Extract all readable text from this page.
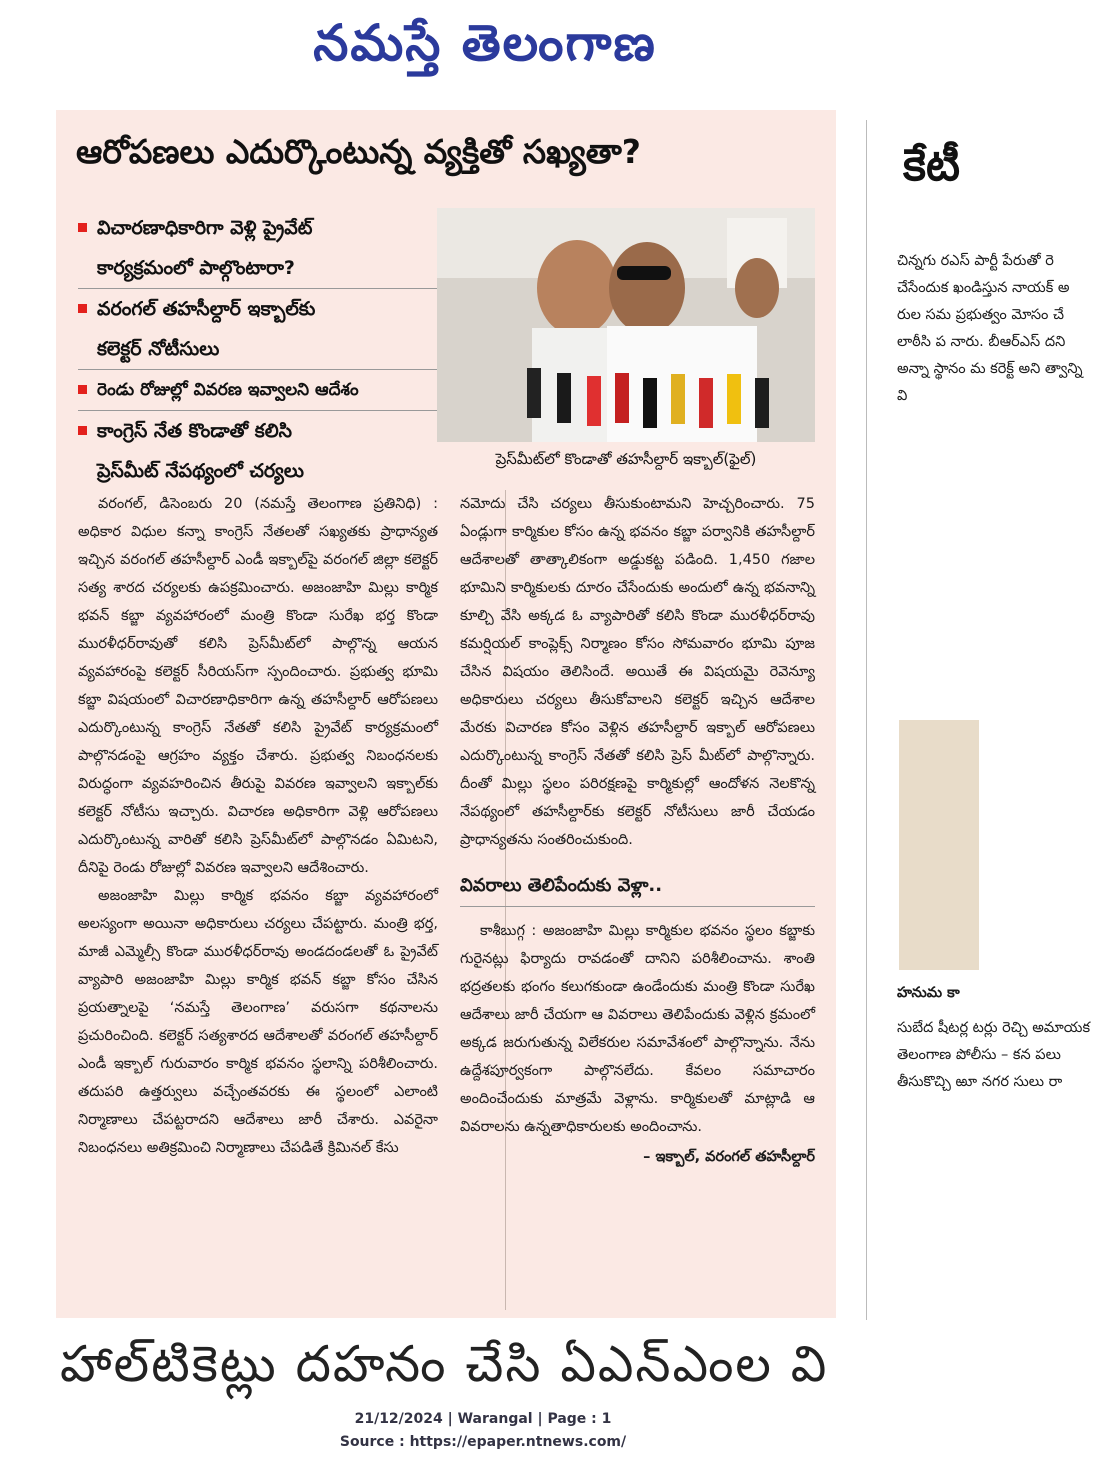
నమస్తే తెలంగాణ
ఆరోపణలు ఎదుర్కొంటున్న వ్యక్తితో సఖ్యతా?
విచారణాధికారిగా వెళ్లి ప్రైవేట్
కార్యక్రమంలో పాల్గొంటారా?
వరంగల్ తహసీల్దార్ ఇక్బాల్‌కు
కలెక్టర్ నోటీసులు
రెండు రోజుల్లో వివరణ ఇవ్వాలని ఆదేశం
కాంగ్రెస్ నేత కొండాతో కలిసి
ప్రెస్‌మీట్ నేపథ్యంలో చర్యలు
ప్రెస్‌మీట్‌లో కొండాతో తహసీల్దార్ ఇక్బాల్(ఫైల్)

వరంగల్, డిసెంబరు 20 (నమస్తే తెలంగాణ ప్రతినిధి) : అధికార విధుల కన్నా కాంగ్రెస్ నేతలతో సఖ్యతకు ప్రాధాన్యత ఇచ్చిన వరంగల్ తహసీల్దార్ ఎండీ ఇక్బాల్‌పై వరంగల్ జిల్లా కలెక్టర్ సత్య శారద చర్యలకు ఉపక్రమించారు. అజంజాహి మిల్లు కార్మిక భవన్ కబ్జా వ్యవహారంలో మంత్రి కొండా సురేఖ భర్త కొండా మురళీధర్‌రావుతో కలిసి ప్రెస్‌మీట్‌లో పాల్గొన్న ఆయన వ్యవహారంపై కలెక్టర్ సీరియస్‌గా స్పందించారు. ప్రభుత్వ భూమి కబ్జా విషయంలో విచారణాధికారిగా ఉన్న తహసీల్దార్ ఆరోపణలు ఎదుర్కొంటున్న కాంగ్రెస్ నేతతో కలిసి ప్రైవేట్ కార్యక్రమంలో పాల్గొనడంపై ఆగ్రహం వ్యక్తం చేశారు. ప్రభుత్వ నిబంధనలకు విరుద్ధంగా వ్యవహరించిన తీరుపై వివరణ ఇవ్వాలని ఇక్బాల్‌కు కలెక్టర్ నోటీసు ఇచ్చారు. విచారణ అధికారిగా వెళ్లి ఆరోపణలు ఎదుర్కొంటున్న వారితో కలిసి ప్రెస్‌మీట్‌లో పాల్గొనడం ఏమిటని, దీనిపై రెండు రోజుల్లో వివరణ ఇవ్వాలని ఆదేశించారు.

అజంజాహి మిల్లు కార్మిక భవనం కబ్జా వ్యవహారంలో అలస్యంగా అయినా అధికారులు చర్యలు చేపట్టారు. మంత్రి భర్త, మాజీ ఎమ్మెల్సీ కొండా మురళీధర్‌రావు అండదండలతో ఓ ప్రైవేట్ వ్యాపారి అజంజాహి మిల్లు కార్మిక భవన్ కబ్జా కోసం చేసిన ప్రయత్నాలపై ‘నమస్తే తెలంగాణ’ వరుసగా కథనాలను ప్రచురించింది. కలెక్టర్ సత్యశారద ఆదేశాలతో వరంగల్ తహసీల్దార్ ఎండీ ఇక్బాల్ గురువారం కార్మిక భవనం స్థలాన్ని పరిశీలించారు. తదుపరి ఉత్తర్వులు వచ్చేంతవరకు ఈ స్థలంలో ఎలాంటి నిర్మాణాలు చేపట్టరాదని ఆదేశాలు జారీ చేశారు. ఎవరైనా నిబంధనలు అతిక్రమించి నిర్మాణాలు చేపడితే క్రిమినల్ కేసు

నమోదు చేసి చర్యలు తీసుకుంటామని హెచ్చరించారు. 75 ఏండ్లుగా కార్మికుల కోసం ఉన్న భవనం కబ్జా పర్వానికి తహసీల్దార్ ఆదేశాలతో తాత్కాలికంగా అడ్డుకట్ట పడింది. 1,450 గజాల భూమిని కార్మికులకు దూరం చేసేందుకు అందులో ఉన్న భవనాన్ని కూల్చి వేసి అక్కడ ఓ వ్యాపారితో కలిసి కొండా మురళీధర్‌రావు కమర్షియల్ కాంప్లెక్స్ నిర్మాణం కోసం సోమవారం భూమి పూజ చేసిన విషయం తెలిసిందే. అయితే ఈ విషయమై రెవెన్యూ అధికారులు చర్యలు తీసుకోవాలని కలెక్టర్ ఇచ్చిన ఆదేశాల మేరకు విచారణ కోసం వెళ్లిన తహసీల్దార్ ఇక్బాల్ ఆరోపణలు ఎదుర్కొంటున్న కాంగ్రెస్ నేతతో కలిసి ప్రెస్ మీట్‌లో పాల్గొన్నారు. దీంతో మిల్లు స్థలం పరిరక్షణపై కార్మికుల్లో ఆందోళన నెలకొన్న నేపథ్యంలో తహసీల్దార్‌కు కలెక్టర్ నోటీసులు జారీ చేయడం ప్రాధాన్యతను సంతరించుకుంది.

వివరాలు తెలిపేందుకు వెళ్లా..

కాశీబుగ్గ : అజంజాహి మిల్లు కార్మికుల భవనం స్థలం కబ్జాకు గురైనట్లు ఫిర్యాదు రావడంతో దానిని పరిశీలించాను. శాంతి భద్రతలకు భంగం కలుగకుండా ఉండేందుకు మంత్రి కొండా సురేఖ ఆదేశాలు జారీ చేయగా ఆ వివరాలు తెలిపేందుకు వెళ్లిన క్రమంలో అక్కడ జరుగుతున్న విలేకరుల సమావేశంలో పాల్గొన్నాను. నేను ఉద్దేశపూర్వకంగా పాల్గొనలేదు. కేవలం సమాచారం అందించేందుకు మాత్రమే వెళ్లాను. కార్మికులతో మాట్లాడి ఆ వివరాలను ఉన్నతాధికారులకు అందించాను.

– ఇక్బాల్, వరంగల్ తహసీల్దార్
కేటీ
చిన్నగు రఎస్ పార్టీ పేరుతో రె చేసేందుక ఖండిస్తున నాయక్ అ రుల సమ ప్రభుత్వం మోసం చే లాఠీసి ప నారు. బీఆర్‌ఎస్ దని అన్నా స్థానం మ కరెక్ట్ అని త్వాన్ని వి
హనుమ కా
సుబేద షీటర్ల టర్లు రెచ్చి అమాయక తెలంగాణ పోలీసు – కన పలు తీసుకొచ్చి ఱూ నగర సులు రా
హాల్‌టికెట్లు దహనం చేసి ఏఎన్‌ఎంల వి
21/12/2024 | Warangal | Page : 1
Source : https://epaper.ntnews.com/
